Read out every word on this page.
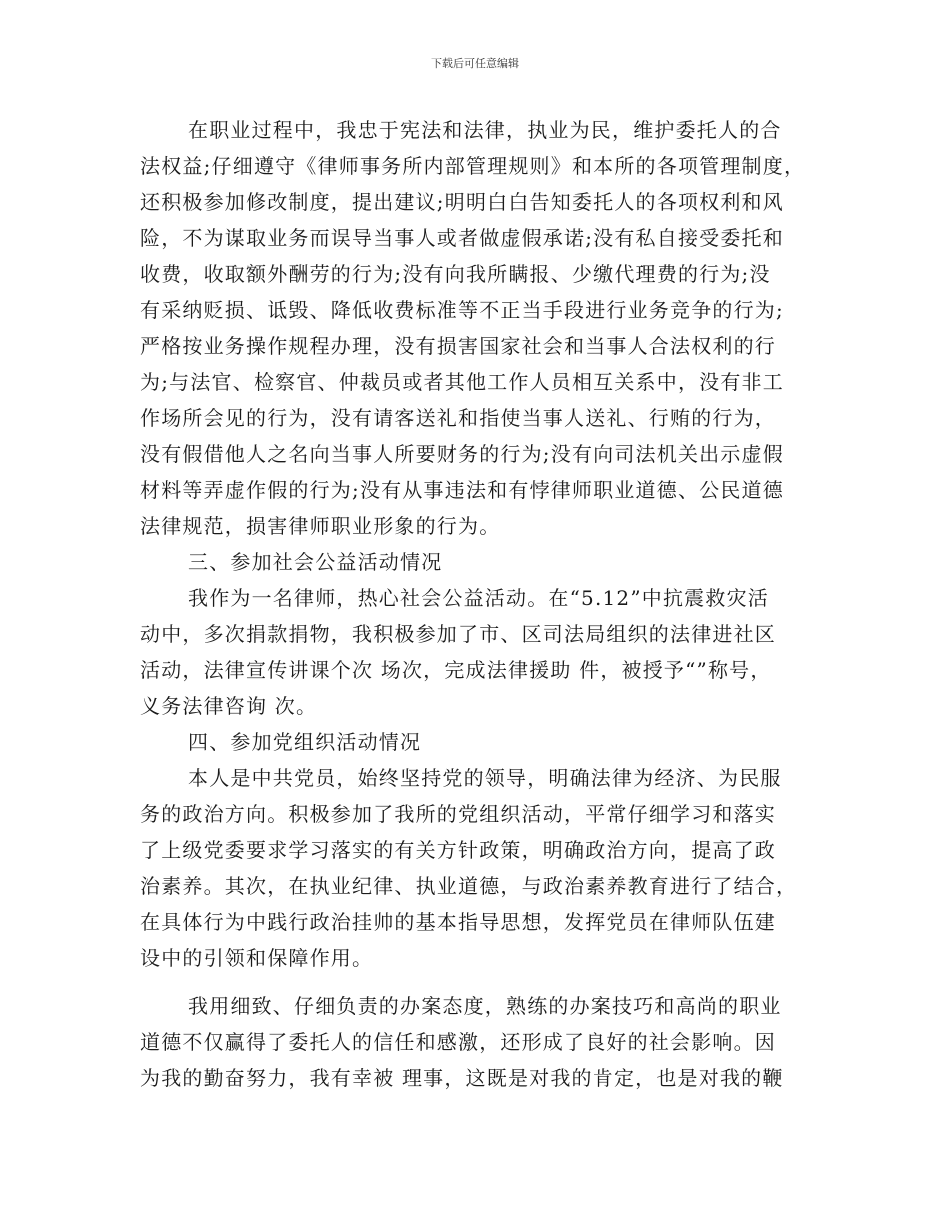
下载后可任意编辑
在职业过程中，我忠于宪法和法律，执业为民，维护委托人的合
法权益;仔细遵守《律师事务所内部管理规则》和本所的各项管理制度，
还积极参加修改制度，提出建议;明明白白告知委托人的各项权利和风
险，不为谋取业务而误导当事人或者做虚假承诺;没有私自接受委托和
收费，收取额外酬劳的行为;没有向我所瞒报、少缴代理费的行为;没
有采纳贬损、诋毁、降低收费标准等不正当手段进行业务竞争的行为;
严格按业务操作规程办理，没有损害国家社会和当事人合法权利的行
为;与法官、检察官、仲裁员或者其他工作人员相互关系中，没有非工
作场所会见的行为，没有请客送礼和指使当事人送礼、行贿的行为，
没有假借他人之名向当事人所要财务的行为;没有向司法机关出示虚假
材料等弄虚作假的行为;没有从事违法和有悖律师职业道德、公民道德
法律规范，损害律师职业形象的行为。
三、参加社会公益活动情况
我作为一名律师，热心社会公益活动。在“5.12”中抗震救灾活
动中，多次捐款捐物，我积极参加了市、区司法局组织的法律进社区
活动，法律宣传讲课个次 场次，完成法律援助 件，被授予“”称号，
义务法律咨询 次。
四、参加党组织活动情况
本人是中共党员，始终坚持党的领导，明确法律为经济、为民服
务的政治方向。积极参加了我所的党组织活动，平常仔细学习和落实
了上级党委要求学习落实的有关方针政策，明确政治方向，提高了政
治素养。其次，在执业纪律、执业道德，与政治素养教育进行了结合，
在具体行为中践行政治挂帅的基本指导思想，发挥党员在律师队伍建
设中的引领和保障作用。
我用细致、仔细负责的办案态度，熟练的办案技巧和高尚的职业
道德不仅赢得了委托人的信任和感激，还形成了良好的社会影响。因
为我的勤奋努力，我有幸被 理事，这既是对我的肯定，也是对我的鞭
